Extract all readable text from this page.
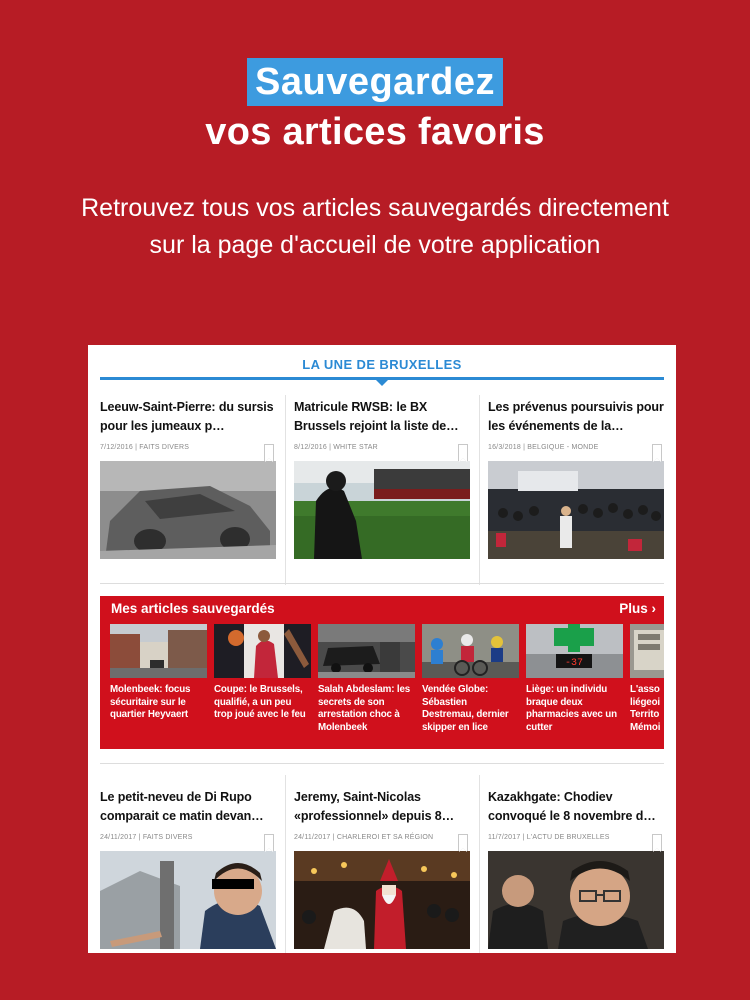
Sauvegardez
vos artices favoris
Retrouvez tous vos articles sauvegardés directement sur la page d'accueil de votre application
LA UNE DE BRUXELLES
Leeuw-Saint-Pierre: du sursis pour les jumeaux p…
7/12/2016 | FAITS DIVERS
Matricule RWSB: le BX Brussels rejoint la liste de…
8/12/2016 | WHITE STAR
Les prévenus poursuivis pour les événements de la…
16/3/2018 | BELGIQUE - MONDE
Mes articles sauvegardés	Plus ›
Molenbeek: focus
sécuritaire sur le
quartier Heyvaert
Coupe: le Brussels,
qualifié, a un peu
trop joué avec le feu
Salah Abdeslam: les
secrets de son
arrestation choc à
Molenbeek
Vendée Globe:
Sébastien
Destremau, dernier
skipper en lice
-37
Liège: un individu
braque deux
pharmacies avec un
cutter
L'asso
liégeoi
Territo
Mémoi
Le petit-neveu de Di Rupo comparait ce matin devan…
24/11/2017 | FAITS DIVERS
Jeremy, Saint-Nicolas «professionnel» depuis 8…
24/11/2017 | CHARLEROI ET SA RÉGION
Kazakhgate: Chodiev convoqué le 8 novembre d…
11/7/2017 | L'ACTU DE BRUXELLES
